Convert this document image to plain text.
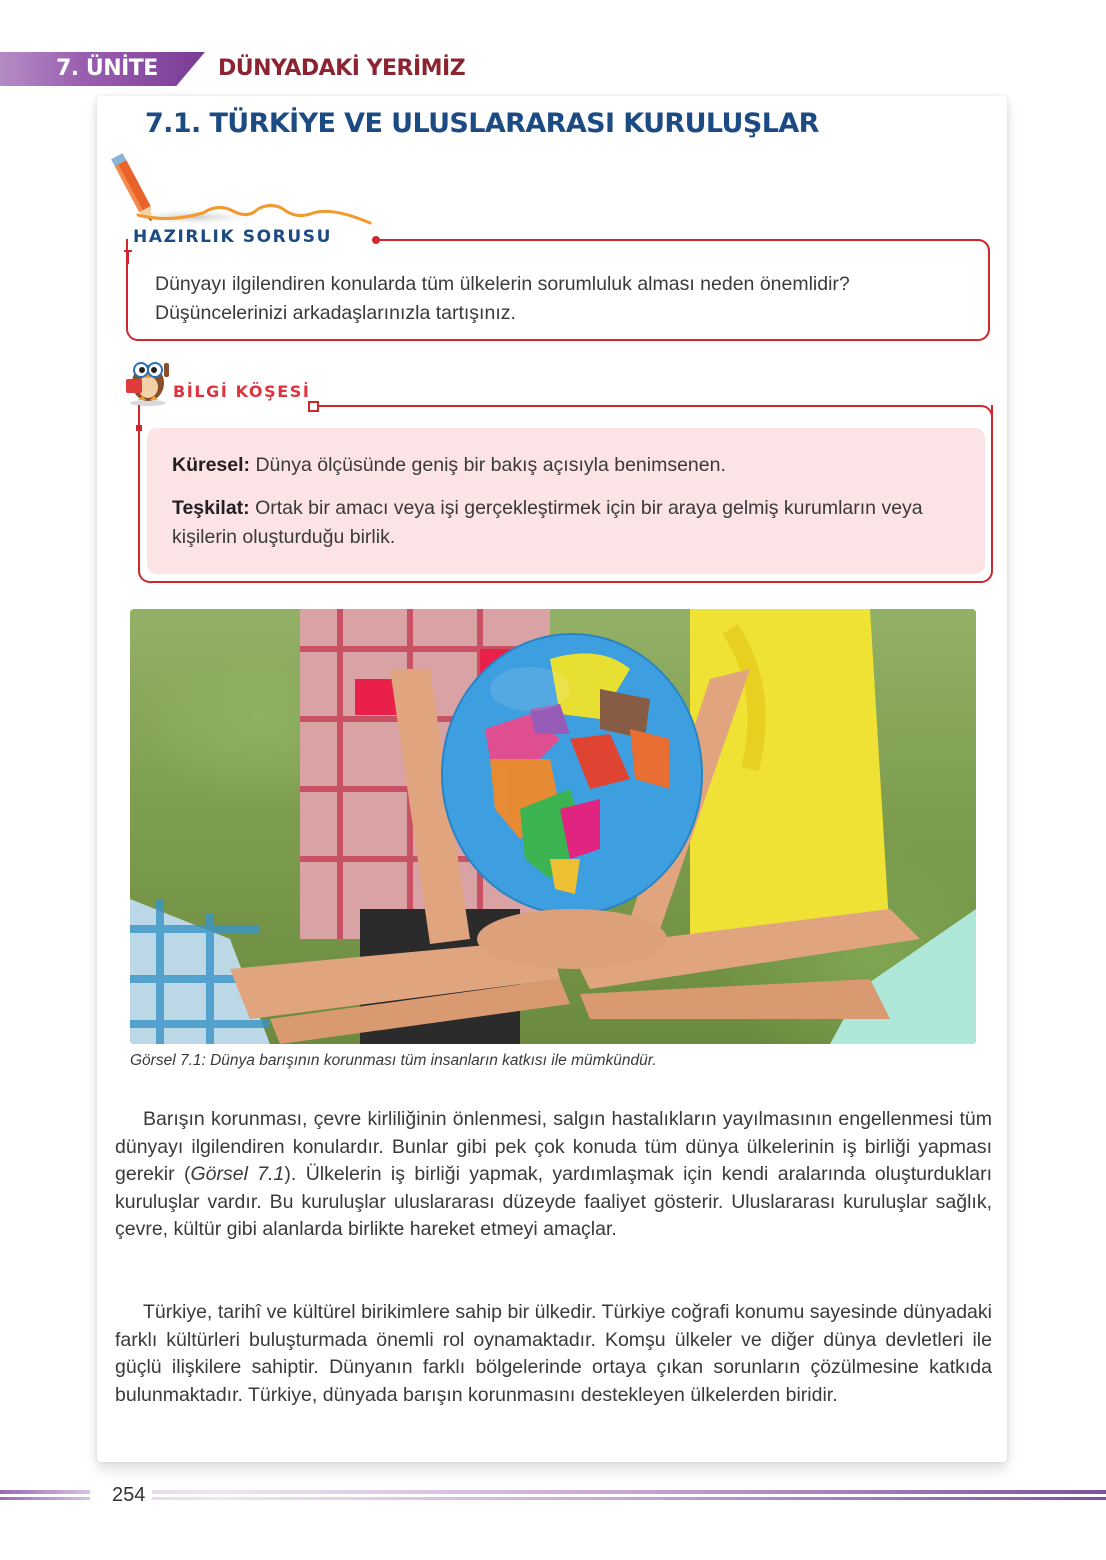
7. ÜNİTE	DÜNYADAKİ YERİMİZ
7.1. TÜRKİYE VE ULUSLARARASI KURULUŞLAR
HAZIRLIK SORUSU
Dünyayı ilgilendiren konularda tüm ülkelerin sorumluluk alması neden önemlidir? Düşüncelerinizi arkadaşlarınızla tartışınız.
BİLGİ KÖŞESİ
Küresel: Dünya ölçüsünde geniş bir bakış açısıyla benimsenen.
Teşkilat: Ortak bir amacı veya işi gerçekleştirmek için bir araya gelmiş kurumların veya kişilerin oluşturduğu birlik.
Görsel 7.1: Dünya barışının korunması tüm insanların katkısı ile mümkündür.

Barışın korunması, çevre kirliliğinin önlenmesi, salgın hastalıkların yayılmasının engellenmesi tüm dünyayı ilgilendiren konulardır. Bunlar gibi pek çok konuda tüm dünya ülkelerinin iş birliği yapması gerekir (Görsel 7.1). Ülkelerin iş birliği yapmak, yardımlaşmak için kendi aralarında oluşturdukları kuruluşlar vardır. Bu kuruluşlar uluslararası düzeyde faaliyet gösterir. Uluslararası kuruluşlar sağlık, çevre, kültür gibi alanlarda birlikte hareket etmeyi amaçlar.

Türkiye, tarihî ve kültürel birikimlere sahip bir ülkedir. Türkiye coğrafi konumu sayesinde dünyadaki farklı kültürleri buluşturmada önemli rol oynamaktadır. Komşu ülkeler ve diğer dünya devletleri ile güçlü ilişkilere sahiptir. Dünyanın farklı bölgelerinde ortaya çıkan sorunların çözülmesine katkıda bulunmaktadır. Türkiye, dünyada barışın korunmasını destekleyen ülkelerden biridir.

254
